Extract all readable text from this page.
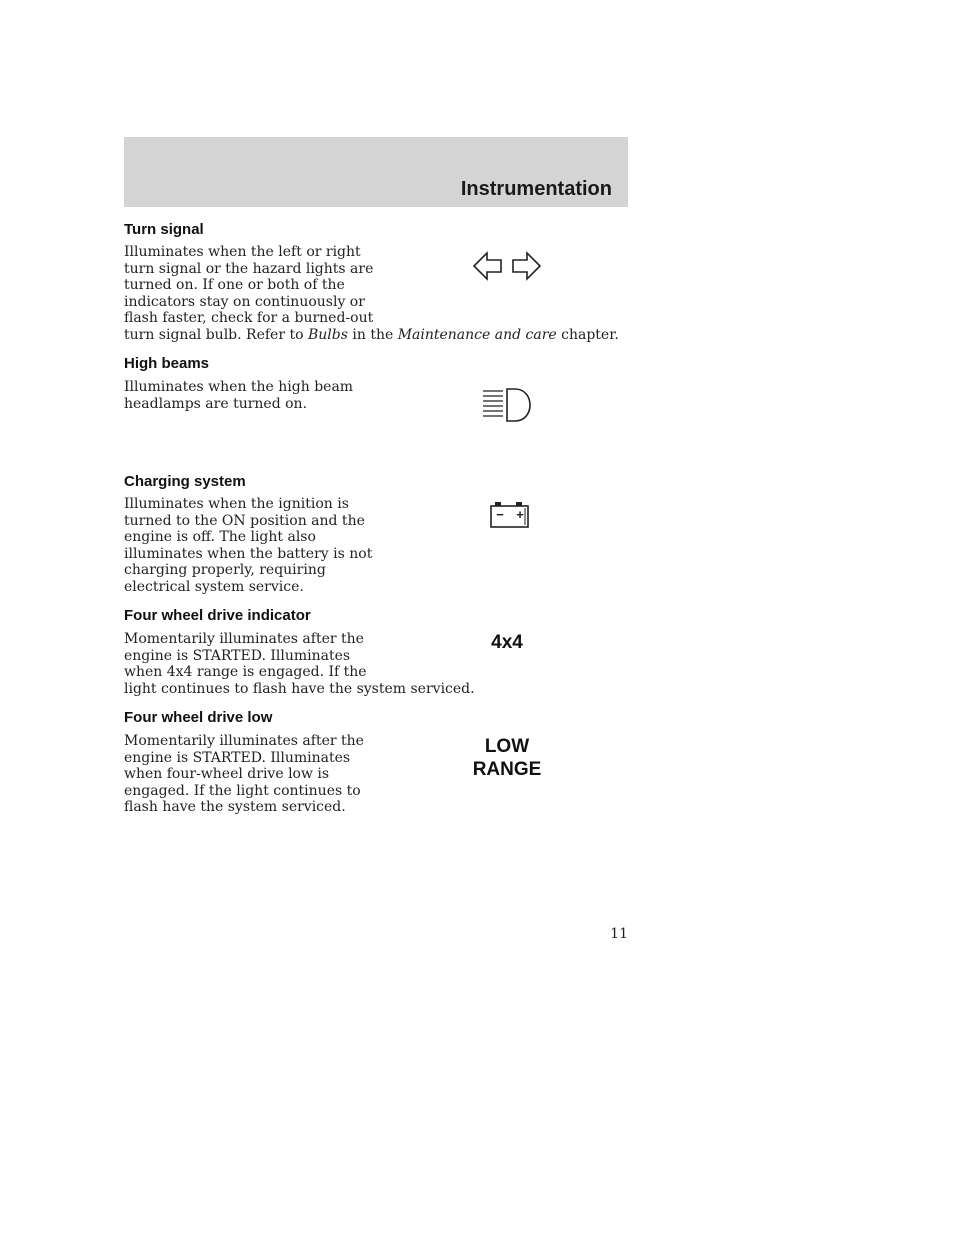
Instrumentation
Turn signal
Illuminates when the left or right
turn signal or the hazard lights are
turned on. If one or both of the
indicators stay on continuously or
flash faster, check for a burned-out
turn signal bulb. Refer to Bulbs in the Maintenance and care chapter.
High beams
Illuminates when the high beam
headlamps are turned on.
Charging system
Illuminates when the ignition is
turned to the ON position and the
engine is off. The light also
illuminates when the battery is not
charging properly, requiring
electrical system service.
− +
Four wheel drive indicator
Momentarily illuminates after the
engine is STARTED. Illuminates
when 4x4 range is engaged. If the
light continues to flash have the system serviced.
4x4
Four wheel drive low
Momentarily illuminates after the
engine is STARTED. Illuminates
when four-wheel drive low is
engaged. If the light continues to
flash have the system serviced.
LOW
RANGE
11
